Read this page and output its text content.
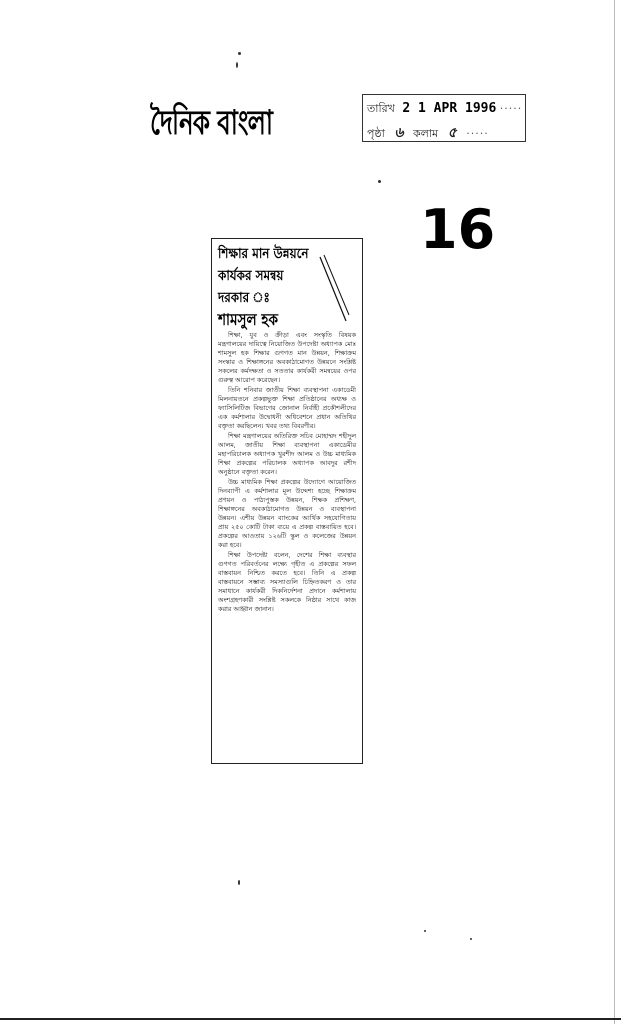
দৈনিক বাংলা	তারিখ 2 1 APR 1996 ·····
পৃষ্ঠা ৬ কলাম ৫ ·····
16
শিক্ষার মান উন্নয়নে
কার্যকর সমন্বয়
দরকার ঃ
শামসুল হক

শিক্ষা, যুব ও ক্রীড়া এবং সংস্কৃতি বিষয়ক মন্ত্রণালয়ের দায়িত্বে নিয়োজিত উপদেষ্টা অধ্যাপক মোঃ শামসুল হক শিক্ষার গুণগত মান উন্নয়ন, শিক্ষাক্রম সংস্কার ও শিক্ষাঙ্গনের অবকাঠামোগত উন্নয়নে সংশ্লিষ্ট সকলের কর্মদক্ষতা ও সততার কার্যকরী সমন্বয়ের ওপর গুরুত্ব আরোপ করেছেন।

তিনি শনিবার জাতীয় শিক্ষা ব্যবস্থাপনা একাডেমী মিলনায়তনে প্রকল্পভুক্ত শিক্ষা প্রতিষ্ঠানের অধ্যক্ষ ও ফ্যাসিলিটিজ বিভাগের জোনাল নির্বাহী প্রকৌশলীদের এক কর্মশালার উদ্বোধনী অধিবেশনে প্রধান অতিথির বক্তৃতা করছিলেন। খবর তথ্য বিবরণীর।

শিক্ষা মন্ত্রণালয়ের অতিরিক্ত সচিব মোহাম্মদ শহীদুল আলম, জাতীয় শিক্ষা ব্যবস্থাপনা একাডেমীর মহাপরিচালক অধ্যাপক খুরশীদ আলম ও উচ্চ মাধ্যমিক শিক্ষা প্রকল্পের পরিচালক অধ্যাপক আবদুর রশীদ অনুষ্ঠানে বক্তৃতা করেন।

উচ্চ মাধ্যমিক শিক্ষা প্রকল্পের উদ্যোগে আয়োজিত দিনব্যাপী এ কর্মশালার মূল উদ্দেশ্য হচ্ছে শিক্ষাক্রম প্রণয়ন ও পাঠ্যপুস্তক উন্নয়ন, শিক্ষক প্রশিক্ষণ, শিক্ষাঙ্গনের অবকাঠামোগত উন্নয়ন ও ব্যবস্থাপনা উন্নয়ন। এশীয় উন্নয়ন ব্যাংকের আর্থিক সহযোগিতায় প্রায় ২৫০ কোটি টাকা ব্যয়ে এ প্রকল্প বাস্তবায়িত হবে। প্রকল্পের আওতায় ১২৬টি স্কুল ও কলেজের উন্নয়ন করা হবে।

শিক্ষা উপদেষ্টা বলেন, দেশের শিক্ষা ব্যবস্থার গুণগত পরিবর্তনের লক্ষ্যে গৃহীত এ প্রকল্পের সফল বাস্তবায়ন নিশ্চিত করতে হবে। তিনি এ প্রকল্প বাস্তবায়নে সম্ভাব্য সমস্যাগুলি চিহ্নিতকরণ ও তার সমাধানে কার্যকরী দিকনির্দেশনা প্রদানে কর্মশালায় অংশগ্রহণকারী সংশ্লিষ্ট সকলকে নিষ্ঠার সাথে কাজ করার আহ্বান জানান।
